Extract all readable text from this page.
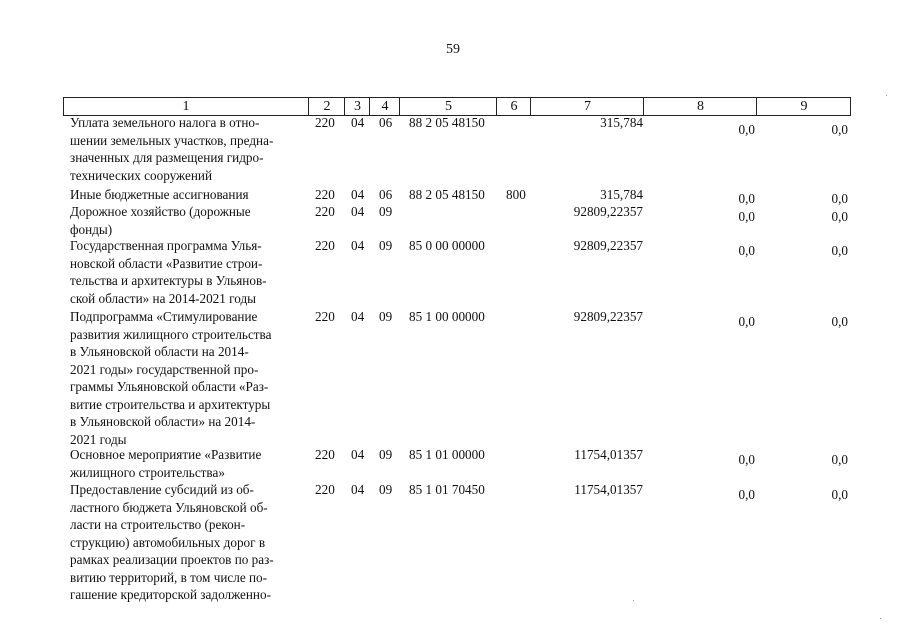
59
1	2	3	4	5	6	7	8	9
Уплата земельного налога в отно-
шении земельных участков, предна-
значенных для размещения гидро-
технических сооружений
220 04 06 88 2 05 48150	315,784	0,0	0,0
Иные бюджетные ассигнования	220 04 06 88 2 05 48150 800	315,784	0,0	0,0
Дорожное хозяйство (дорожные
фонды)
220 04 09	92809,22357	0,0	0,0
Государственная программа Улья-
новской области «Развитие строи-
тельства и архитектуры в Ульянов-
ской области» на 2014-2021 годы
220 04 09 85 0 00 00000	92809,22357	0,0	0,0
Подпрограмма «Стимулирование
развития жилищного строительства
в Ульяновской области на 2014-
2021 годы» государственной про-
граммы Ульяновской области «Раз-
витие строительства и архитектуры
в Ульяновской области» на 2014-
2021 годы
220 04 09 85 1 00 00000	92809,22357	0,0	0,0
Основное мероприятие «Развитие
жилищного строительства»
220 04 09 85 1 01 00000	11754,01357	0,0	0,0
Предоставление субсидий из об-
ластного бюджета Ульяновской об-
ласти на строительство (рекон-
струкцию) автомобильных дорог в
рамках реализации проектов по раз-
витию территорий, в том числе по-
гашение кредиторской задолженно-
220 04 09 85 1 01 70450	11754,01357	0,0	0,0
